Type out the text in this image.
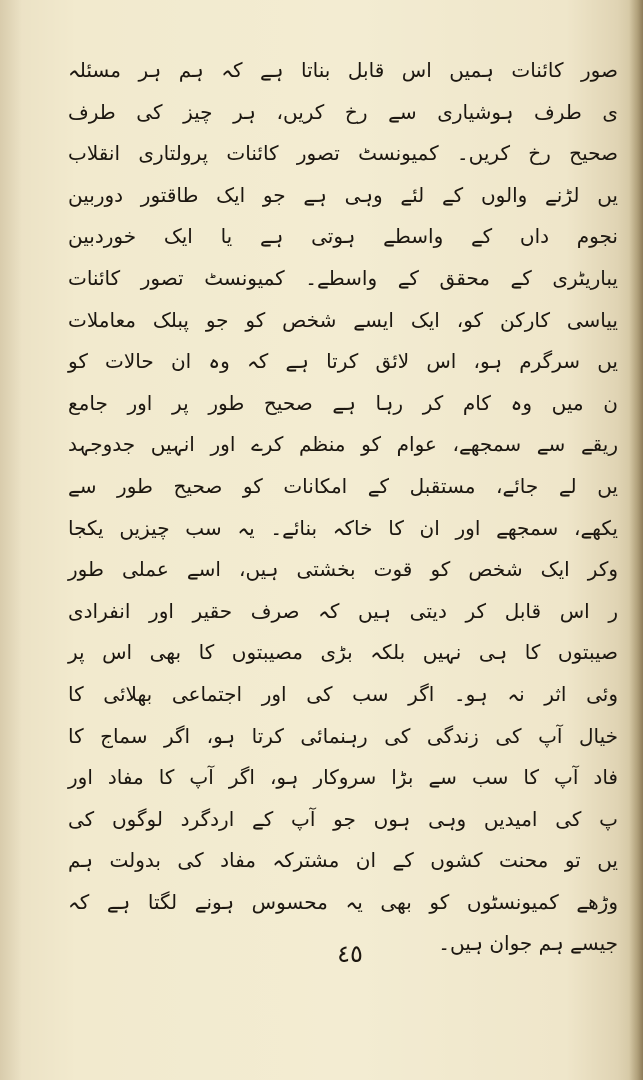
صور کائنات ہمیں اس قابل بناتا ہے کہ ہم ہر مسئلہ
ی طرف ہوشیاری سے رخ کریں، ہر چیز کی طرف
صحیح رخ کریں۔ کمیونسٹ تصور کائنات پرولتاری انقلاب
یں لڑنے والوں کے لئے وہی ہے جو ایک طاقتور دوربین
نجوم داں کے واسطے ہوتی ہے یا ایک خوردبین
یباریٹری کے محقق کے واسطے۔ کمیونسٹ تصور کائنات
ییاسی کارکن کو، ایک ایسے شخص کو جو پبلک معاملات
یں سرگرم ہو، اس لائق کرتا ہے کہ وہ ان حالات کو
ن میں وہ کام کر رہا ہے صحیح طور پر اور جامع
ریقے سے سمجھے، عوام کو منظم کرے اور انہیں جدوجہد
یں لے جائے، مستقبل کے امکانات کو صحیح طور سے
یکھے، سمجھے اور ان کا خاکہ بنائے۔ یہ سب چیزیں یکجا
وکر ایک شخص کو قوت بخشتی ہیں، اسے عملی طور
ر اس قابل کر دیتی ہیں کہ صرف حقیر اور انفرادی
صیبتوں کا ہی نہیں بلکہ بڑی مصیبتوں کا بھی اس پر
وئی اثر نہ ہو۔ اگر سب کی اور اجتماعی بھلائی کا
خیال آپ کی زندگی کی رہنمائی کرتا ہو، اگر سماج کا
فاد آپ کا سب سے بڑا سروکار ہو، اگر آپ کا مفاد اور
پ کی امیدیں وہی ہوں جو آپ کے اردگرد لوگوں کی
یں تو محنت کشوں کے ان مشترکہ مفاد کی بدولت ہم
وڑھے کمیونسٹوں کو بھی یہ محسوس ہونے لگتا ہے کہ
جیسے ہم جوان ہیں۔
٤٥
